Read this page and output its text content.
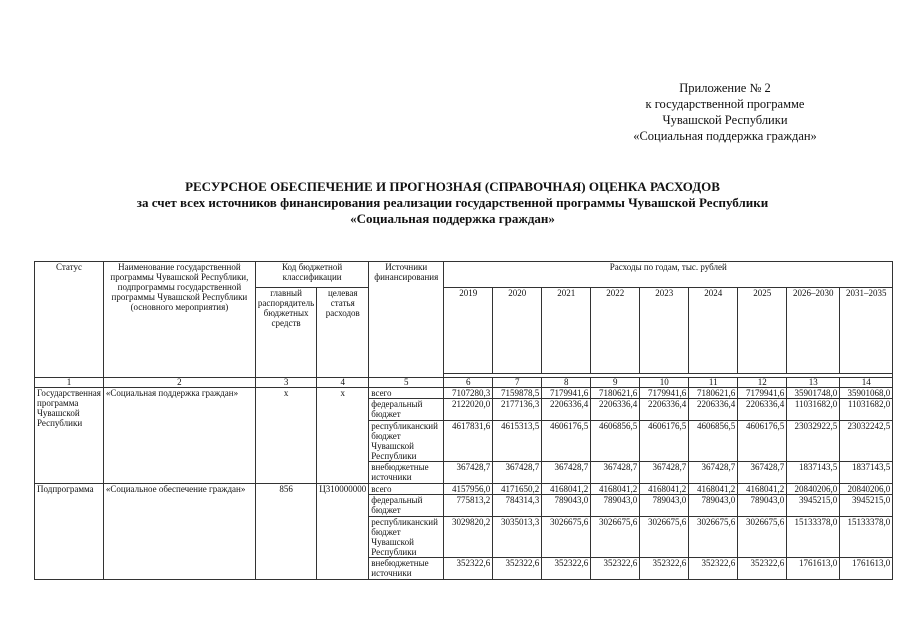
Приложение № 2
к государственной программе
Чувашской Республики
«Социальная поддержка граждан»
РЕСУРСНОЕ ОБЕСПЕЧЕНИЕ И ПРОГНОЗНАЯ (СПРАВОЧНАЯ) ОЦЕНКА РАСХОДОВ
за счет всех источников финансирования реализации государственной программы Чувашской Республики
«Социальная поддержка граждан»
Статус	Наименование государственной программы Чувашской Республики, подпрограммы государственной программы Чувашской Республики (основного мероприятия)	Код бюджетной классификации		Источники финансирования	Расходы по годам, тыс. рублей								
		главный распорядитель бюджетных средств	целевая статья расходов		2019	2020	2021	2022	2023	2024	2025	2026–2030	2031–2035

1	2	3	4	5	6	7	8	9	10	11	12	13	14
Государственная программа Чувашской Республики	«Социальная поддержка граждан»	x	x	всего	7107280,3	7159878,5	7179941,6	7180621,6	7179941,6	7180621,6	7179941,6	35901748,0	35901068,0
				федеральный бюджет	2122020,0	2177136,3	2206336,4	2206336,4	2206336,4	2206336,4	2206336,4	11031682,0	11031682,0
				республиканский бюджет Чувашской Республики	4617831,6	4615313,5	4606176,5	4606856,5	4606176,5	4606856,5	4606176,5	23032922,5	23032242,5
				внебюджетные источники	367428,7	367428,7	367428,7	367428,7	367428,7	367428,7	367428,7	1837143,5	1837143,5
Подпрограмма	«Социальное обеспечение граждан»	856	Ц310000000	всего	4157956,0	4171650,2	4168041,2	4168041,2	4168041,2	4168041,2	4168041,2	20840206,0	20840206,0
				федеральный бюджет	775813,2	784314,3	789043,0	789043,0	789043,0	789043,0	789043,0	3945215,0	3945215,0
				республиканский бюджет Чувашской Республики	3029820,2	3035013,3	3026675,6	3026675,6	3026675,6	3026675,6	3026675,6	15133378,0	15133378,0
				внебюджетные источники	352322,6	352322,6	352322,6	352322,6	352322,6	352322,6	352322,6	1761613,0	1761613,0
